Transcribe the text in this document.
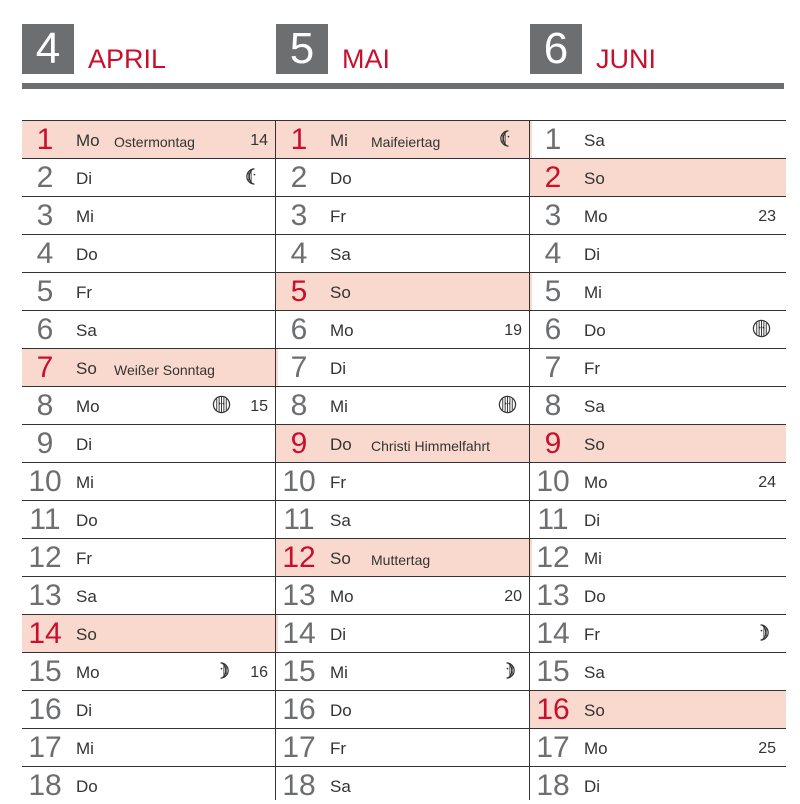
4	APRIL	5	MAI	6	JUNI
1	Mo Ostermontag	14
2	Di
3	Mi
4	Do
5	Fr
6	Sa
7	So Weißer Sonntag
8	Mo	15
9	Di
10 Mi
11 Do
12 Fr
13 Sa
14 So
15 Mo	16
16 Di
17 Mi
18 Do
1	Mi Maifeiertag
2	Do
3	Fr
4	Sa
5	So
6	Mo	19
7	Di
8	Mi
9	Do Christi Himmelfahrt
10 Fr
11 Sa
12 So Muttertag
13 Mo	20
14 Di
15 Mi
16 Do
17 Fr
18 Sa
1	Sa
2	So
3	Mo	23
4	Di
5	Mi
6	Do
7	Fr
8	Sa
9	So
10 Mo	24
11 Di
12 Mi
13 Do
14 Fr
15 Sa
16 So
17 Mo	25
18 Di
